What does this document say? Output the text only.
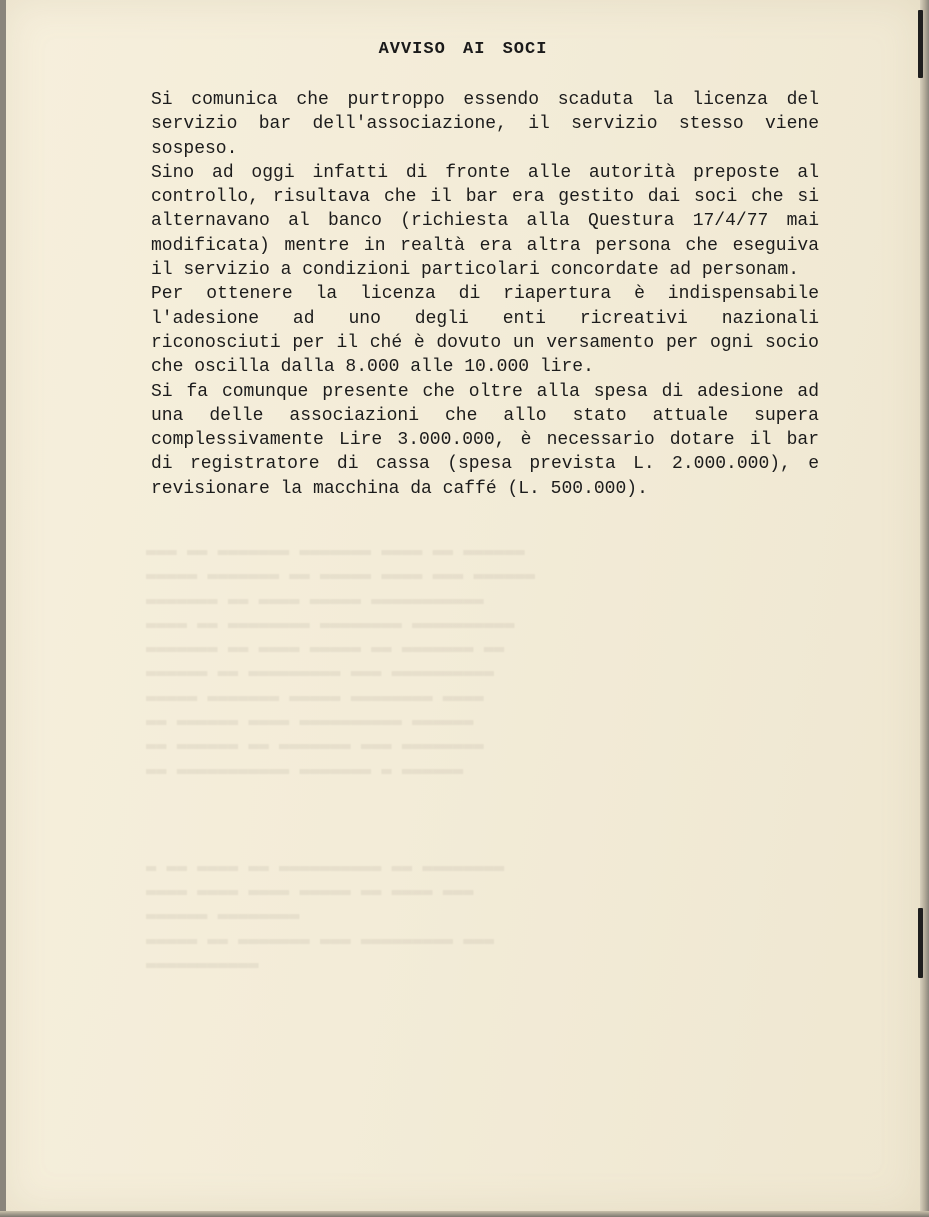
▬▬▬ ▬▬ ▬▬▬▬▬▬▬ ▬▬▬▬▬▬▬ ▬▬▬▬ ▬▬ ▬▬▬▬▬▬
▬▬▬▬▬ ▬▬▬▬▬▬▬ ▬▬ ▬▬▬▬▬ ▬▬▬▬ ▬▬▬ ▬▬▬▬▬▬
▬▬▬▬▬▬▬ ▬▬ ▬▬▬▬ ▬▬▬▬▬ ▬▬▬▬▬▬▬▬▬▬▬
▬▬▬▬ ▬▬ ▬▬▬▬▬▬▬▬ ▬▬▬▬▬▬▬▬ ▬▬▬▬▬▬▬▬▬▬
▬▬▬▬▬▬▬ ▬▬ ▬▬▬▬ ▬▬▬▬▬ ▬▬ ▬▬▬▬▬▬▬ ▬▬
▬▬▬▬▬▬ ▬▬ ▬▬▬▬▬▬▬▬▬ ▬▬▬ ▬▬▬▬▬▬▬▬▬▬
▬▬▬▬▬ ▬▬▬▬▬▬▬ ▬▬▬▬▬ ▬▬▬▬▬▬▬▬ ▬▬▬▬
▬▬ ▬▬▬▬▬▬ ▬▬▬▬ ▬▬▬▬▬▬▬▬▬▬ ▬▬▬▬▬▬
▬▬ ▬▬▬▬▬▬ ▬▬ ▬▬▬▬▬▬▬ ▬▬▬ ▬▬▬▬▬▬▬▬
▬▬ ▬▬▬▬▬▬▬▬▬▬▬ ▬▬▬▬▬▬▬ ▬ ▬▬▬▬▬▬

▬ ▬▬ ▬▬▬▬ ▬▬ ▬▬▬▬▬▬▬▬▬▬ ▬▬ ▬▬▬▬▬▬▬▬
▬▬▬▬ ▬▬▬▬ ▬▬▬▬ ▬▬▬▬▬ ▬▬ ▬▬▬▬ ▬▬▬
▬▬▬▬▬▬ ▬▬▬▬▬▬▬▬
▬▬▬▬▬ ▬▬ ▬▬▬▬▬▬▬ ▬▬▬ ▬▬▬▬▬▬▬▬▬ ▬▬▬
▬▬▬▬▬▬▬▬▬▬▬
AVVISO AI SOCI

Si comunica che purtroppo essendo scaduta la licenza del servizio bar dell'associazione, il servizio stesso viene sospeso.

Sino ad oggi infatti di fronte alle autorità preposte al controllo, risultava che il bar era gestito dai soci che si alternavano al banco (richiesta alla Questura 17/4/77 mai modificata) mentre in realtà era altra persona che eseguiva il servizio a condizioni particolari concordate ad personam.

Per ottenere la licenza di riapertura è indispensabile l'adesione ad uno degli enti ricreativi nazionali riconosciuti per il ché è dovuto un versamento per ogni socio che oscilla dalla 8.000 alle 10.000 lire.

Si fa comunque presente che oltre alla spesa di adesione ad una delle associazioni che allo stato attuale supera complessivamente Lire 3.000.000, è necessario dotare il bar di registratore di cassa (spesa prevista L. 2.000.000), e revisionare la macchina da caffé (L. 500.000).
